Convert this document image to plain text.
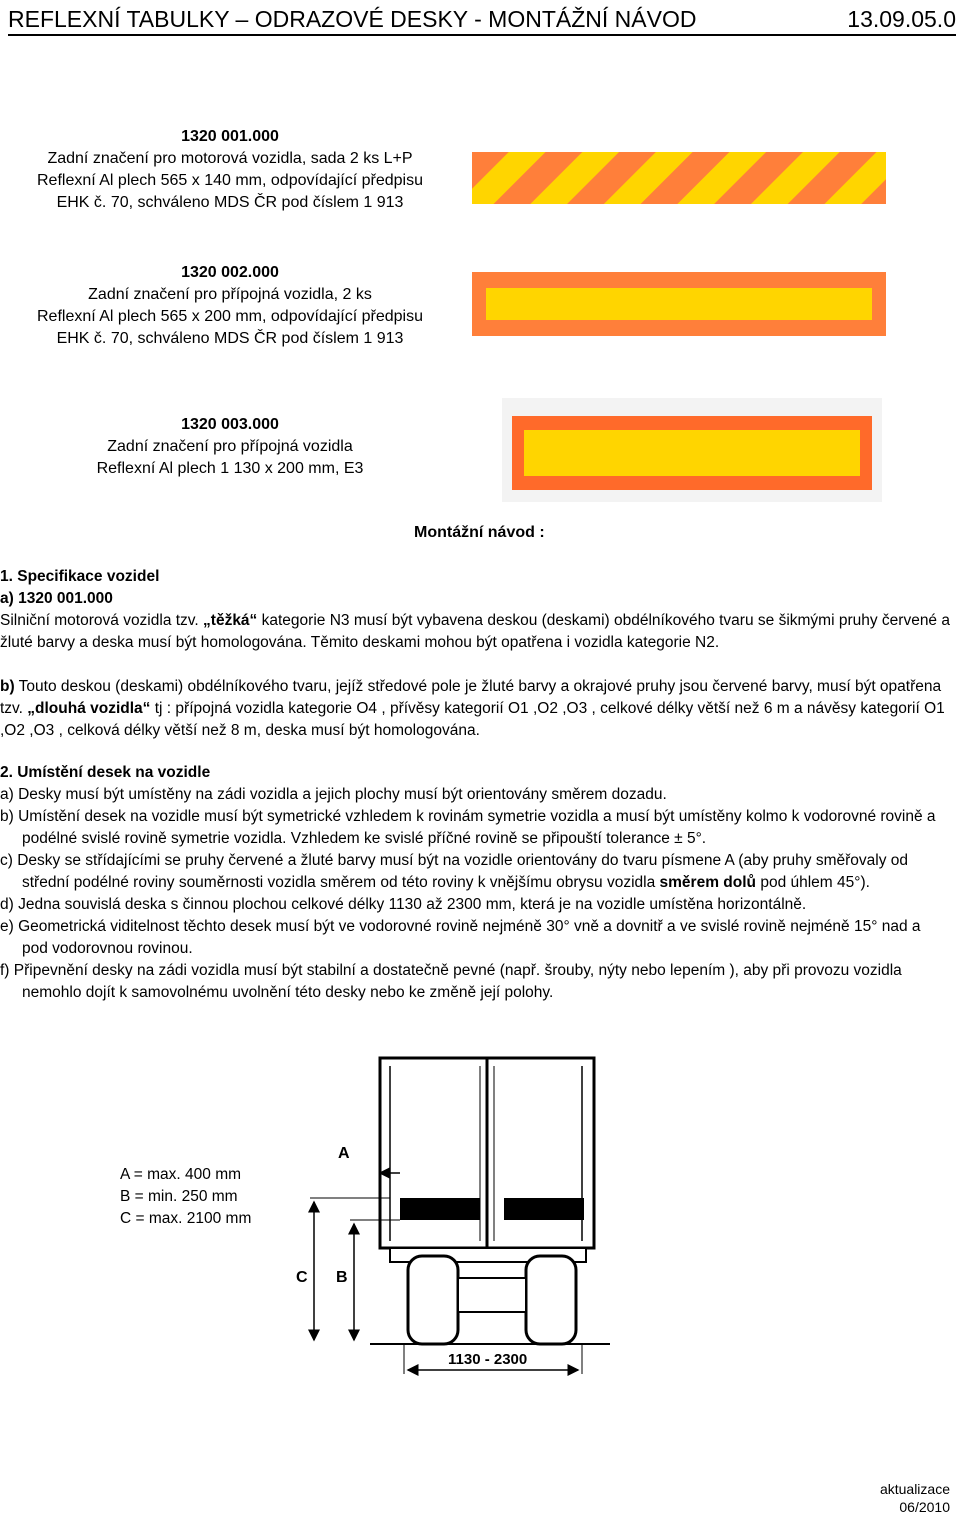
REFLEXNÍ TABULKY – ODRAZOVÉ DESKY - MONTÁŽNÍ NÁVOD	13.09.05.0
1320 001.000
Zadní značení pro motorová vozidla, sada 2 ks L+P
Reflexní Al plech 565 x 140 mm, odpovídající předpisu
EHK č. 70, schváleno MDS ČR pod číslem 1 913
1320 002.000
Zadní značení pro přípojná vozidla, 2 ks
Reflexní Al plech 565 x 200 mm, odpovídající předpisu
EHK č. 70, schváleno MDS ČR pod číslem 1 913
1320 003.000
Zadní značení pro přípojná vozidla
Reflexní Al plech 1 130 x 200 mm, E3
Montážní návod :
1. Specifikace vozidel
a) 1320 001.000
Silniční motorová vozidla tzv. „těžká“ kategorie N3 musí být vybavena deskou (deskami) obdélníkového tvaru se šikmými pruhy červené a žluté barvy a deska musí být homologována. Těmito deskami mohou být opatřena i vozidla kategorie N2.
b) Touto deskou (deskami) obdélníkového tvaru, jejíž středové pole je žluté barvy a okrajové pruhy jsou červené barvy, musí být opatřena tzv. „dlouhá vozidla“ tj : přípojná vozidla kategorie O4 , přívěsy kategorií O1 ,O2 ,O3 , celkové délky větší než 6 m a návěsy kategorií O1 ,O2 ,O3 , celková délky větší než 8 m, deska musí být homologována.
2. Umístění desek na vozidle
a) Desky musí být umístěny na zádi vozidla a jejich plochy musí být orientovány směrem dozadu.
b) Umístění desek na vozidle musí být symetrické vzhledem k rovinám symetrie vozidla a musí být umístěny kolmo k vodorovné rovině a podélné svislé rovině symetrie vozidla. Vzhledem ke svislé příčné rovině se připouští tolerance ± 5°.
c) Desky se střídajícími se pruhy červené a žluté barvy musí být na vozidle orientovány do tvaru písmene A (aby pruhy směřovaly od střední podélné roviny souměrnosti vozidla směrem od této roviny k vnějšímu obrysu vozidla směrem dolů pod úhlem 45°).
d) Jedna souvislá deska s činnou plochou celkové délky 1130 až 2300 mm, která je na vozidle umístěna horizontálně.
e) Geometrická viditelnost těchto desek musí být ve vodorovné rovině nejméně 30° vně a dovnitř a ve svislé rovině nejméně 15° nad a pod vodorovnou rovinou.
f) Připevnění desky na zádi vozidla musí být stabilní a dostatečně pevné (např. šrouby, nýty nebo lepením ), aby při provozu vozidla nemohlo dojít k samovolnému uvolnění této desky nebo ke změně její polohy.
A = max. 400 mm
B = min. 250 mm
C = max. 2100 mm
A
C B
1130 - 2300
aktualizace
06/2010
